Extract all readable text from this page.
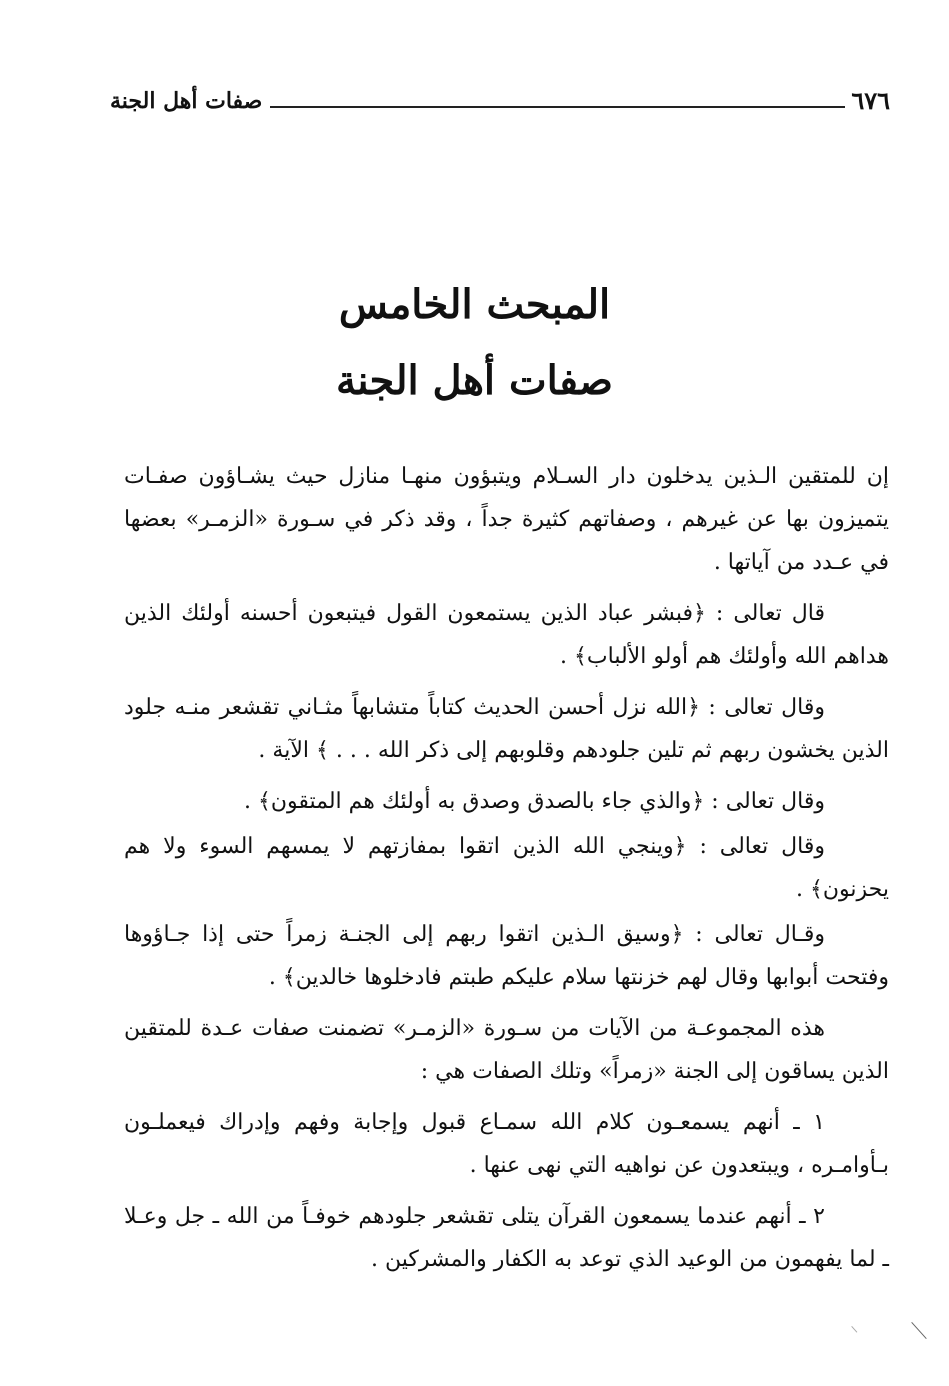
٦٧٦
صفات أهل الجنة
المبحث الخامس
صفات أهل الجنة

إن للمتقين الـذين يدخلون دار السـلام ويتبؤون منهـا منازل حيث يشـاؤون صفـات يتميزون بها عن غيرهم ، وصفاتهم كثيرة جداً ، وقد ذكر في سـورة «الزمـر» بعضها في عـدد من آياتها .

قال تعالى : ﴿فبشر عباد الذين يستمعون القول فيتبعون أحسنه أولئك الذين هداهم الله وأولئك هم أولو الألباب﴾ .

وقال تعالى : ﴿الله نزل أحسن الحديث كتاباً متشابهاً مثـاني تقشعر منـه جلود الذين يخشون ربهم ثم تلين جلودهم وقلوبهم إلى ذكر الله . . . ﴾ الآية .

وقال تعالى : ﴿والذي جاء بالصدق وصدق به أولئك هم المتقون﴾ .

وقال تعالى : ﴿وينجي الله الذين اتقوا بمفازتهم لا يمسهم السوء ولا هم يحزنون﴾ .

وقـال تعالى : ﴿وسيق الـذين اتقوا ربهم إلى الجنـة زمراً حتى إذا جـاؤوها وفتحت أبوابها وقال لهم خزنتها سلام عليكم طبتم فادخلوها خالدين﴾ .

هذه المجموعـة من الآيات من سـورة «الزمـر» تضمنت صفات عـدة للمتقين الذين يساقون إلى الجنة «زمراً» وتلك الصفات هي :

١ ـ أنهم يسمعـون كلام الله سمـاع قبول وإجابة وفهم وإدراك فيعملـون بـأوامـره ، ويبتعدون عن نواهيه التي نهى عنها .

٢ ـ أنهم عندما يسمعون القرآن يتلى تقشعر جلودهم خوفـاً من الله ـ جل وعـلا ـ لما يفهمون من الوعيد الذي توعد به الكفار والمشركين .
